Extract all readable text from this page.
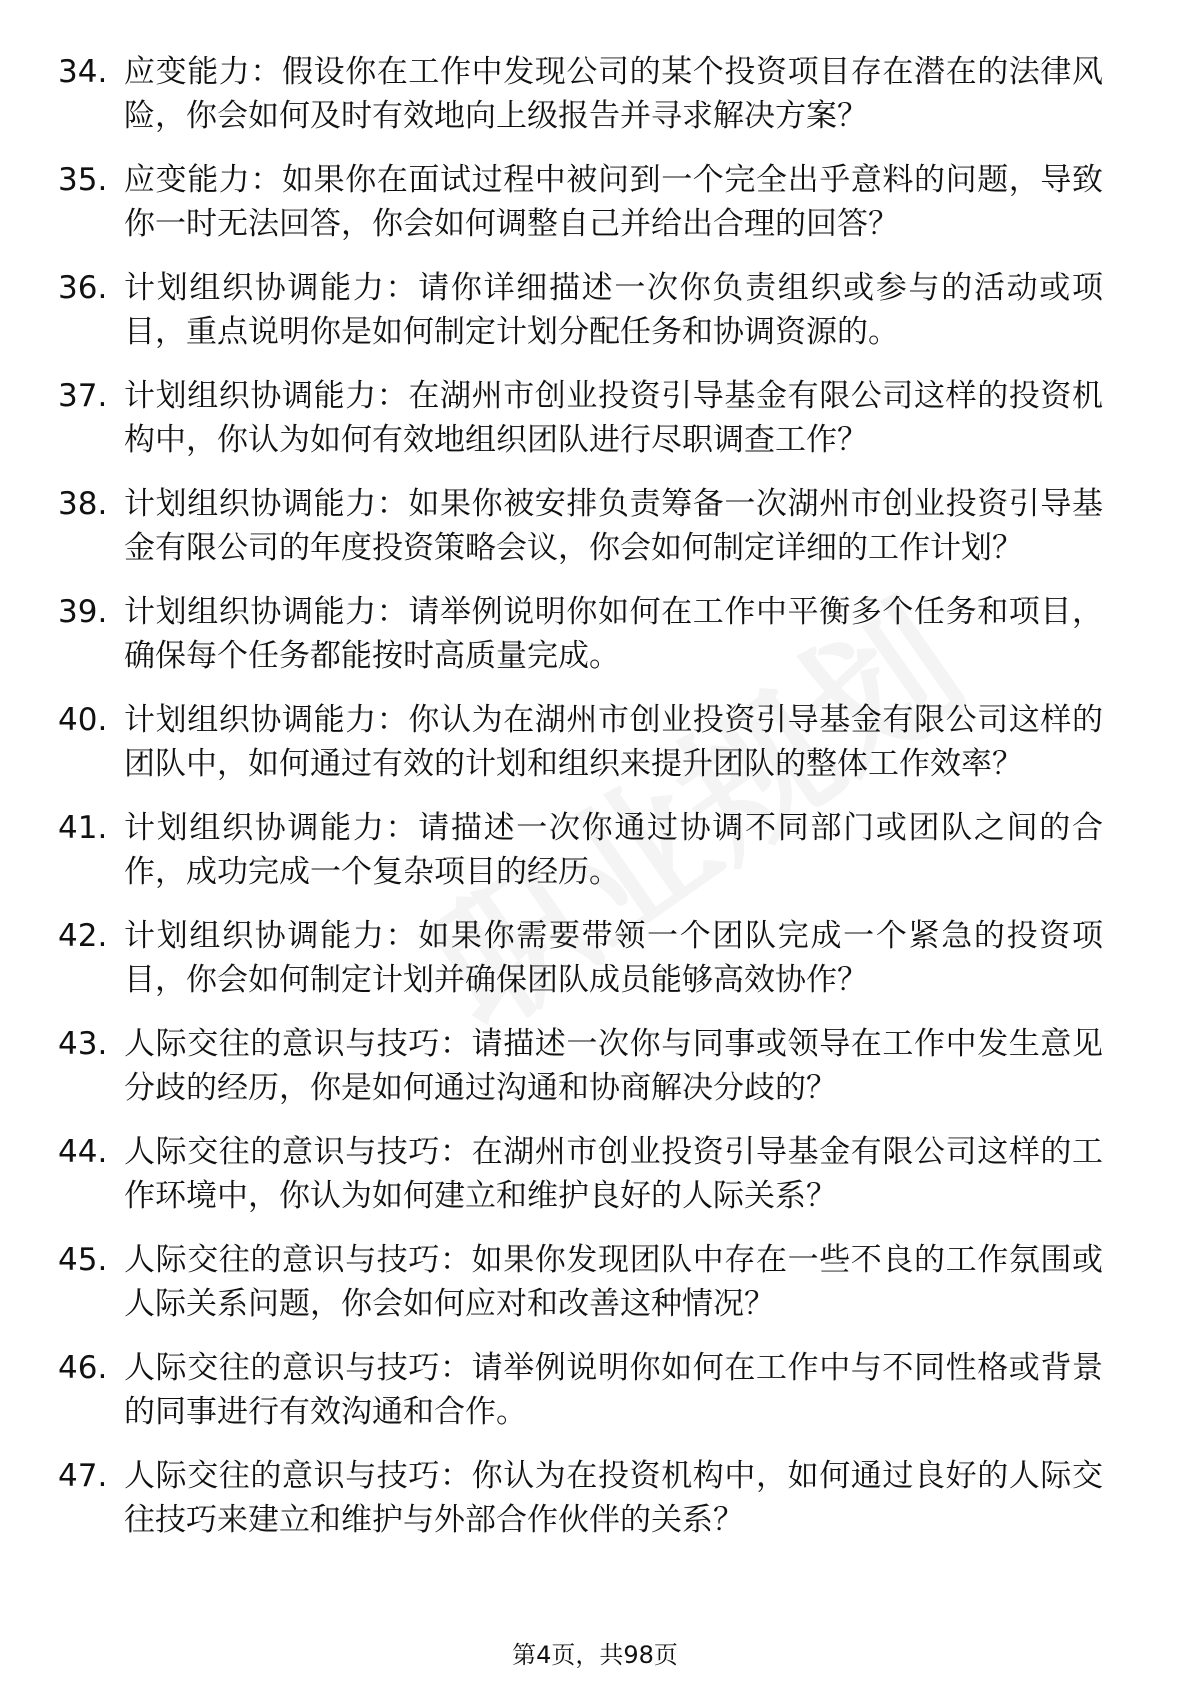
34. 应变能力：假设你在工作中发现公司的某个投资项目存在潜在的法律风险，你会如何及时有效地向上级报告并寻求解决方案？
35. 应变能力：如果你在面试过程中被问到一个完全出乎意料的问题，导致你一时无法回答，你会如何调整自己并给出合理的回答？
36. 计划组织协调能力：请你详细描述一次你负责组织或参与的活动或项目，重点说明你是如何制定计划分配任务和协调资源的。
37. 计划组织协调能力：在湖州市创业投资引导基金有限公司这样的投资机构中，你认为如何有效地组织团队进行尽职调查工作？
38. 计划组织协调能力：如果你被安排负责筹备一次湖州市创业投资引导基金有限公司的年度投资策略会议，你会如何制定详细的工作计划？
39. 计划组织协调能力：请举例说明你如何在工作中平衡多个任务和项目，确保每个任务都能按时高质量完成。
40. 计划组织协调能力：你认为在湖州市创业投资引导基金有限公司这样的团队中，如何通过有效的计划和组织来提升团队的整体工作效率？
41. 计划组织协调能力：请描述一次你通过协调不同部门或团队之间的合作，成功完成一个复杂项目的经历。
42. 计划组织协调能力：如果你需要带领一个团队完成一个紧急的投资项目，你会如何制定计划并确保团队成员能够高效协作？
43. 人际交往的意识与技巧：请描述一次你与同事或领导在工作中发生意见分歧的经历，你是如何通过沟通和协商解决分歧的？
44. 人际交往的意识与技巧：在湖州市创业投资引导基金有限公司这样的工作环境中，你认为如何建立和维护良好的人际关系？
45. 人际交往的意识与技巧：如果你发现团队中存在一些不良的工作氛围或人际关系问题，你会如何应对和改善这种情况？
46. 人际交往的意识与技巧：请举例说明你如何在工作中与不同性格或背景的同事进行有效沟通和合作。
47. 人际交往的意识与技巧：你认为在投资机构中，如何通过良好的人际交往技巧来建立和维护与外部合作伙伴的关系？
第4页，共98页
